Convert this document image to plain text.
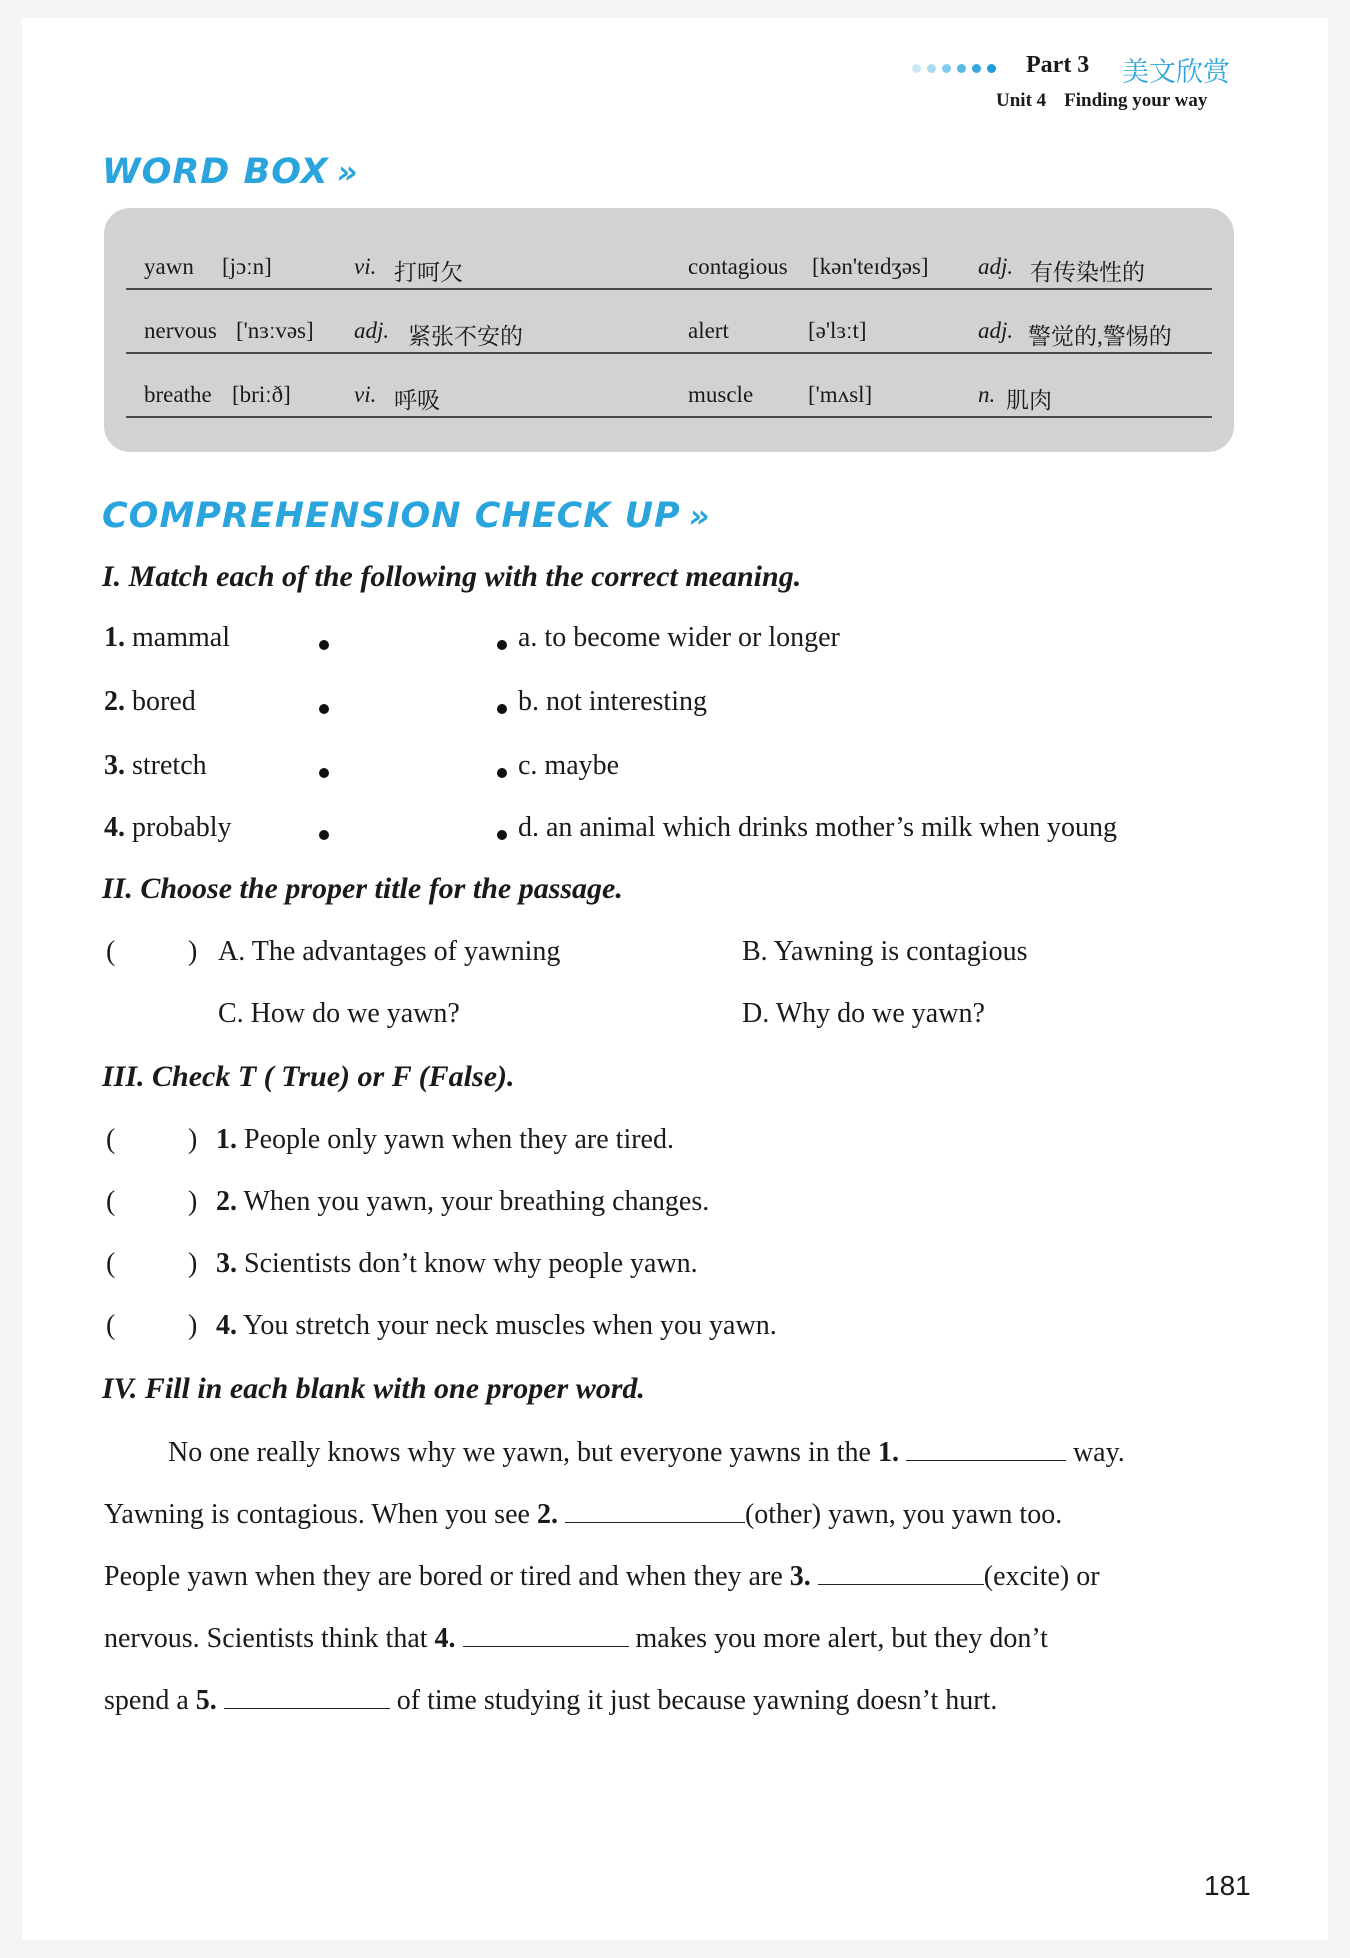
Part 3 美文欣赏
Unit 4 Finding your way
WORD BOX »
yawn [jɔːn]	vi. 打呵欠	contagious [kən'teɪdʒəs] adj. 有传染性的
nervous ['nɜːvəs] adj. 紧张不安的	alert	[ə'lɜːt]	adj. 警觉的,警惕的
breathe [briːð]	vi. 呼吸	muscle ['mʌsl]	n. 肌肉
COMPREHENSION CHECK UP »
I. Match each of the following with the correct meaning.
1. mammal	a. to become wider or longer
2. bored	b. not interesting
3. stretch	c. maybe
4. probably	d. an animal which drinks mother’s milk when young
II. Choose the proper title for the passage.
(	) A. The advantages of yawning	B. Yawning is contagious
C. How do we yawn?	D. Why do we yawn?
III. Check T ( True) or F (False).
(	) 1. People only yawn when they are tired.
(	) 2. When you yawn, your breathing changes.
(	) 3. Scientists don’t know why people yawn.
(	) 4. You stretch your neck muscles when you yawn.
IV. Fill in each blank with one proper word.
No one really knows why we yawn, but everyone yawns in the 1.	way.
Yawning is contagious. When you see 2.	(other) yawn, you yawn too.
People yawn when they are bored or tired and when they are 3.	(excite) or
nervous. Scientists think that 4.	makes you more alert, but they don’t
spend a 5.	of time studying it just because yawning doesn’t hurt.
181
